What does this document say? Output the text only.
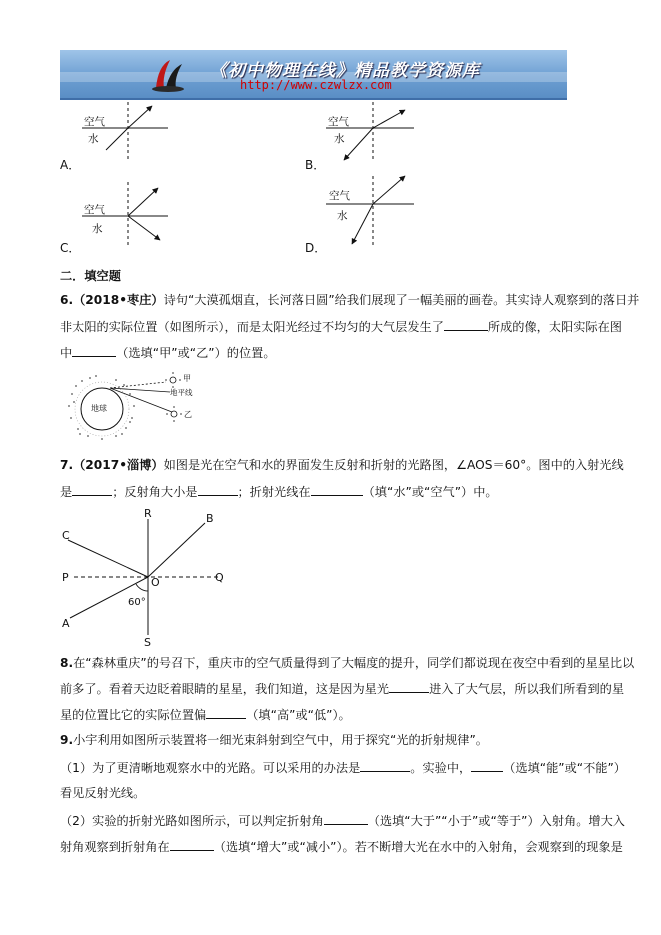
《初中物理在线》精品教学资源库
http://www.czwlzx.com
空气
水
A．
空气
水
B．
空气
水
C．
空气
水
D．
二．填空题
6.（2018•枣庄）诗句“大漠孤烟直，长河落日圆”给我们展现了一幅美丽的画卷。其实诗人观察到的落日并
非太阳的实际位置（如图所示），而是太阳光经过不均匀的大气层发生了	所成的像，太阳实际在图
中	（选填“甲”或“乙”）的位置。
甲
地平线
乙
地球
7.（2017•淄博）如图是光在空气和水的界面发生反射和折射的光路图，∠AOS＝60°。图中的入射光线
是	；反射角大小是	；折射光线在	（填“水”或“空气”）中。
R	B
C
P	O	Q
60°
A
S
8.在“森林重庆”的号召下，重庆市的空气质量得到了大幅度的提升，同学们都说现在夜空中看到的星星比以
前多了。看着天边眨着眼睛的星星，我们知道，这是因为星光	进入了大气层，所以我们所看到的星
星的位置比它的实际位置偏	（填“高”或“低”）。
9.小宇利用如图所示装置将一细光束斜射到空气中，用于探究“光的折射规律”。
（1）为了更清晰地观察水中的光路。可以采用的办法是	。实验中，	（选填“能”或“不能”）
看见反射光线。
（2）实验的折射光路如图所示，可以判定折射角	（选填“大于”“小于”或“等于”）入射角。增大入
射角观察到折射角在	（选填“增大”或“减小”）。若不断增大光在水中的入射角，会观察到的现象是
